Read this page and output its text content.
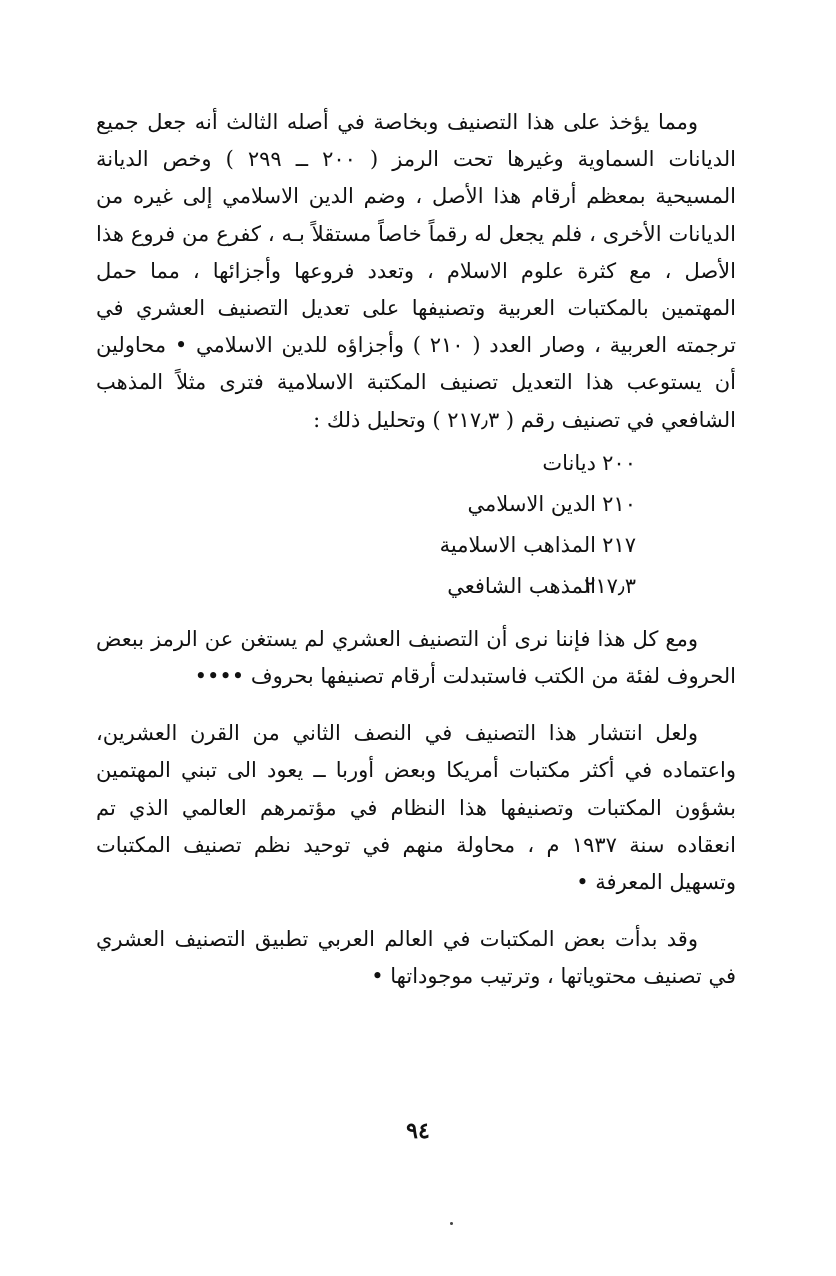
ومما يؤخذ على هذا التصنيف وبخاصة في أصله الثالث أنه جعل جميع الديانات السماوية وغيرها تحت الرمز ( ٢٠٠ ــ ٢٩٩ ) وخص الديانة المسيحية بمعظم أرقام هذا الأصل ، وضم الدين الاسلامي إلى غيره من الديانات الأخرى ، فلم يجعل له رقماً خاصاً مستقلاً بـه ، كفرع من فروع هذا الأصل ، مع كثرة علوم الاسلام ، وتعدد فروعها وأجزائها ، مما حمل المهتمين بالمكتبات العربية وتصنيفها على تعديل التصنيف العشري في ترجمته العربية ، وصار العدد ( ٢١٠ ) وأجزاؤه للدين الاسلامي • محاولين أن يستوعب هذا التعديل تصنيف المكتبة الاسلامية فترى مثلاً المذهب الشافعي في تصنيف رقم ( ٢١٧٫٣ ) وتحليل ذلك :

٢٠٠
ديانات
٢١٠
الدين الاسلامي
٢١٧
المذاهب الاسلامية
٢١٧٫٣
المذهب الشافعي

ومع كل هذا فإننا نرى أن التصنيف العشري لم يستغن عن الرمز ببعض الحروف لفئة من الكتب فاستبدلت أرقام تصنيفها بحروف ••••

ولعل انتشار هذا التصنيف في النصف الثاني من القرن العشرين، واعتماده في أكثر مكتبات أمريكا وبعض أوربا ــ يعود الى تبني المهتمين بشؤون المكتبات وتصنيفها هذا النظام في مؤتمرهم العالمي الذي تم انعقاده سنة ١٩٣٧ م ، محاولة منهم في توحيد نظم تصنيف المكتبات وتسهيل المعرفة •

وقد بدأت بعض المكتبات في العالم العربي تطبيق التصنيف العشري في تصنيف محتوياتها ، وترتيب موجوداتها •

٩٤
